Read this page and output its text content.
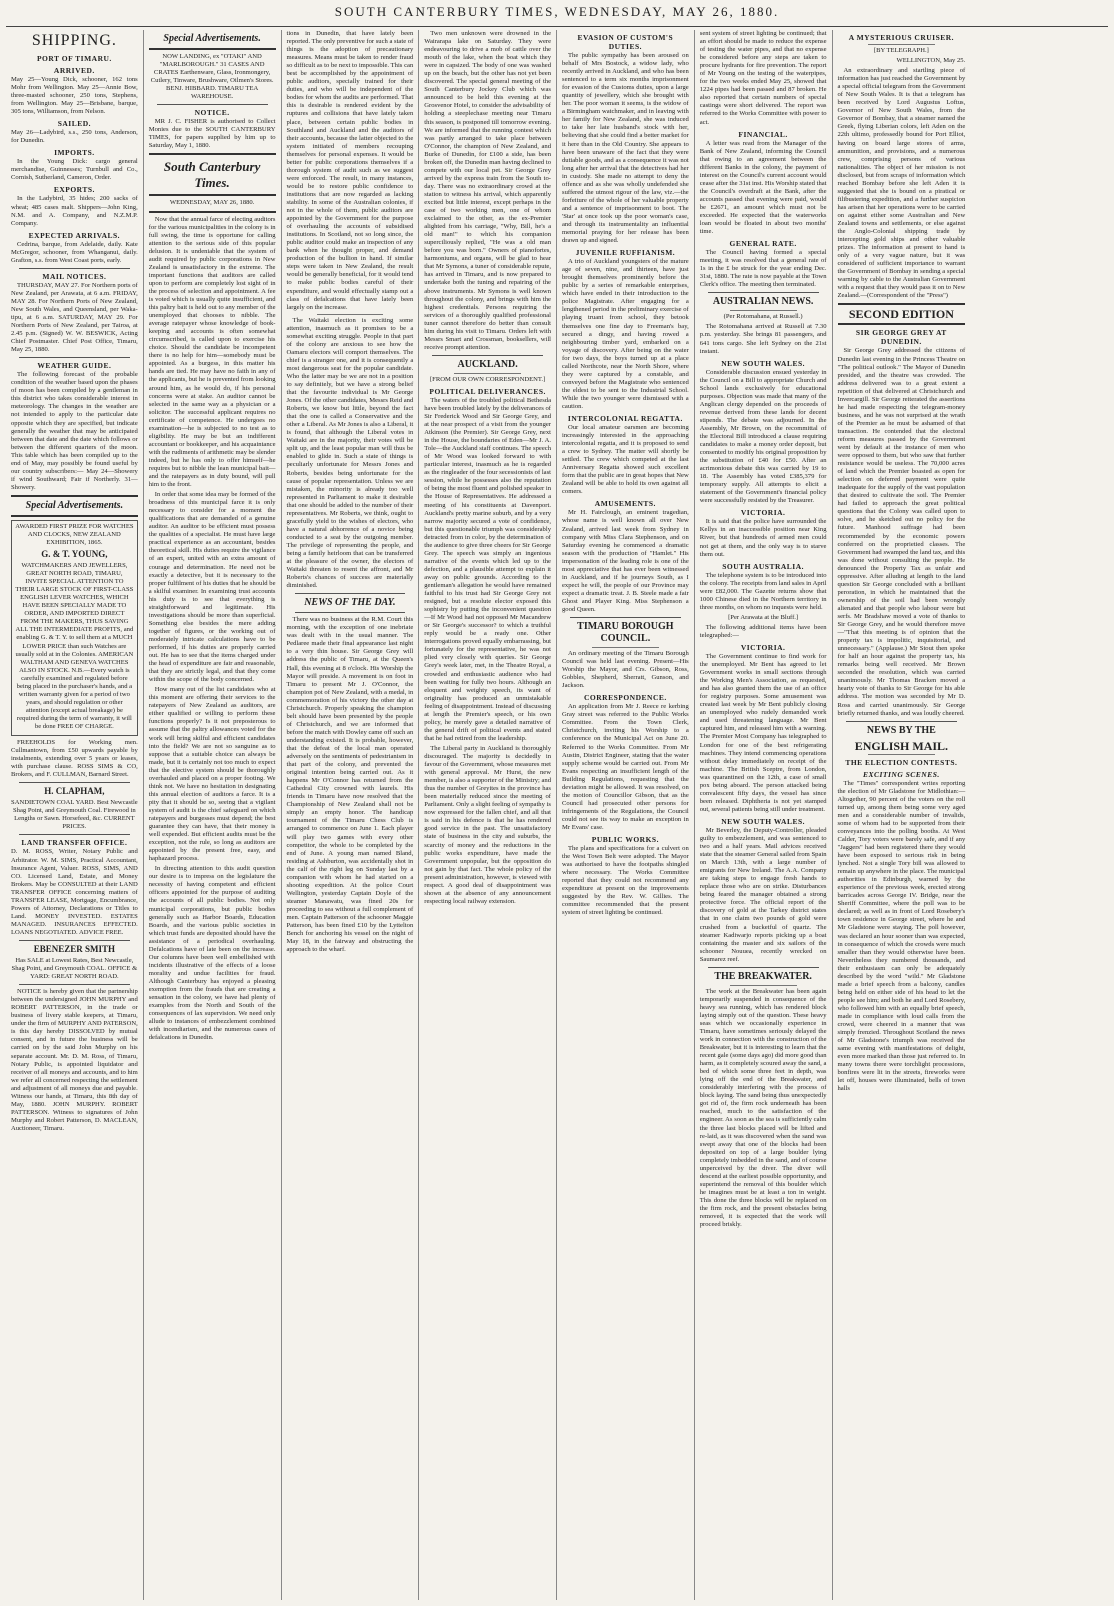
SOUTH CANTERBURY TIMES, WEDNESDAY, MAY 26, 1880.
SHIPPING.
PORT OF TIMARU.
ARRIVED.

May 25—Young Dick, schooner, 162 tons Mohr from Wellington. May 25—Annie Bow, three-masted schooner, 250 tons, Stephens, from Wellington. May 25—Brisbane, barque, 305 tons, Williamson, from Nelson.

SAILED.

May 26—Ladybird, s.s., 250 tons, Anderson, for Dunedin.

IMPORTS.

In the Young Dick: cargo general merchandise, Guinnesses; Turnbull and Co., Cornish, Sutherland, Cameron, Order.

EXPORTS.

In the Ladybird, 35 hides; 200 sacks of wheat; 485 cases malt. Shippers—John King, N.M. and A. Company, and N.Z.M.P. Company.

EXPECTED ARRIVALS.

Cedrina, barque, from Adelaide, daily. Kate McGregor, schooner, from Whanganui, daily. Grafton, s.s. from West Coast ports, early.

MAIL NOTICES.

THURSDAY, MAY 27. For Northern ports of New Zealand, per Arawata, at 6 a.m. FRIDAY, MAY 28. For Northern Ports of New Zealand, New South Wales, and Queensland, per Waka-tipu, at 6 a.m. SATURDAY, MAY 29. For Northern Ports of New Zealand, per Tairoa, at 2.45 p.m. (Signed) W. W. BESWICK, Acting Chief Postmaster. Chief Post Office, Timaru, May 25, 1880.

WEATHER GUIDE.

The following forecast of the probable condition of the weather based upon the phases of moon has been compiled by a gentleman in this district who takes considerable interest in meteorology. The changes in the weather are not intended to apply to the particular date opposite which they are specified, but indicate generally the weather that may be anticipated between that date and the date which follows or between the different quarters of the moon. This table which has been compiled up to the end of May, may possibly be found useful by our country subscribers:— May 24—Showery if wind Southward; Fair if Northerly. 31—Showery.

Special Advertisements.

AWARDED FIRST PRIZE FOR WATCHES AND CLOCKS, NEW ZEALAND EXHIBITION, 1865.

G. & T. YOUNG,

WATCHMAKERS AND JEWELLERS, GREAT NORTH ROAD, TIMARU, INVITE SPECIAL ATTENTION TO THEIR LARGE STOCK OF FIRST-CLASS ENGLISH LEVER WATCHES, WHICH HAVE BEEN SPECIALLY MADE TO ORDER, AND IMPORTED DIRECT FROM THE MAKERS, THUS SAVING ALL THE INTERMEDIATE PROFITS, and enabling G. & T. Y. to sell them at a MUCH LOWER PRICE than such Watches are usually sold at in the Colonies. AMERICAN WALTHAM AND GENEVA WATCHES ALSO IN STOCK. N.B.—Every watch is carefully examined and regulated before being placed in the purchaser's hands, and a written warranty given for a period of two years, and should regulation or other attention (except actual breakage) be required during the term of warranty, it will be done FREE OF CHARGE.

FREEHOLDS for Working men. Cullmantown, from £50 upwards payable by instalments, extending over 5 years or leases, with purchase clause. ROSS SIMS & CO, Brokers, and F. CULLMAN, Barnard Street.

H. CLAPHAM,

SANDIETOWN COAL YARD. Best Newcastle Shag Point, and Greymouth Coal. Firewood in Lengths or Sawn. Horsefeed, &c. CURRENT PRICES.

LAND TRANSFER OFFICE.

D. M. ROSS, Writer, Notary Public and Arbitrator. W. M. SIMS, Practical Accountant, Insurance Agent, Valuer. ROSS, SIMS, AND CO. Licensed Land, Estate, and Money Brokers. May be CONSULTED at their LAND TRANSFER OFFICE concerning matters of TRANSFER LEASE, Mortgage, Encumbrance, Powers of Attorney, Declarations or Titles to Land. MONEY INVESTED. ESTATES MANAGED. INSURANCES EFFECTED. LOANS NEGOTIATED. ADVICE FREE.

EBENEZER SMITH

Has SALE at Lowest Rates, Best Newcastle, Shag Point, and Greymouth COAL. OFFICE & YARD: GREAT NORTH ROAD.

NOTICE is hereby given that the partnership between the undersigned JOHN MURPHY and ROBERT PATTERSON, in the trade or business of livery stable keepers, at Timaru, under the firm of MURPHY AND PATERSON, is this day hereby DISSOLVED by mutual consent, and in future the business will be carried on by the said John Murphy on his separate account. Mr. D. M. Ross, of Timaru, Notary Public, is appointed liquidator and receiver of all moneys and accounts, and to him we refer all concerned respecting the settlement and adjustment of all moneys due and payable. Witness our hands, at Timaru, this 8th day of May, 1880. JOHN MURPHY. ROBERT PATTERSON. Witness to signatures of John Murphy and Robert Patterson, D. MACLEAN, Auctioneer, Timaru.

Special Advertisements.

NOW LANDING, ex "OTAKI" AND "MARLBOROUGH." 31 CASES AND CRATES Earthenware, Glass, Ironmongery, Cutlery, Tinware, Brushware, Oilmen's Stores. BENJ. HIBBARD. TIMARU TEA WAREHOUSE.

NOTICE.

MR J. C. FISHER is authorised to Collect Monies due to the SOUTH CANTERBURY TIMES, for papers supplied by him up to Saturday, May 1, 1880.

South Canterbury Times.

WEDNESDAY, MAY 26, 1880.

Now that the annual farce of electing auditors for the various municipalities in the colony is in full swing, the time is opportune for calling attention to the serious side of this popular delusion. It is undeniable that the system of audit required by public corporations in New Zealand is unsatisfactory in the extreme. The important functions that auditors are called upon to perform are completely lost sight of in the process of selection and appointment. A fee is voted which is usually quite insufficient, and this paltry bait is held out to any member of the unemployed that chooses to nibble. The average ratepayer whose knowledge of book-keeping and accounts is often somewhat circumscribed, is called upon to exercise his choice. Should the candidate be incompetent there is no help for him—somebody must be appointed. As a burgess, in this matter his hands are tied. He may have no faith in any of the applicants, but he is prevented from looking around him, as he would do, if his personal concerns were at stake. An auditor cannot be selected in the same way as a physician or a solicitor. The successful applicant requires no certificate of competence. He undergoes no examination—he is subjected to no test as to eligibility. He may be but an indifferent accountant or bookkeeper, and his acquaintance with the rudiments of arithmetic may be slender indeed, but he has only to offer himself—he requires but to nibble the lean municipal bait—and the ratepayers as in duty bound, will pull him to the front.

In order that some idea may be formed of the broadness of this municipal farce it is only necessary to consider for a moment the qualifications that are demanded of a genuine auditor. An auditor to be efficient must possess the qualities of a specialist. He must have large practical experience as an accountant, besides theoretical skill. His duties require the vigilance of an expert, united with an extra amount of courage and determination. He need not be exactly a detective, but it is necessary to the proper fulfilment of his duties that he should be a skilful examiner. In examining trust accounts his duty is to see that everything is straightforward and legitimate. His investigations should be more than superficial. Something else besides the mere adding together of figures, or the working out of moderately intricate calculations have to be performed, if his duties are properly carried out. He has to see that the items charged under the head of expenditure are fair and reasonable, that they are strictly legal, and that they come within the scope of the body concerned.

How many out of the list candidates who at this moment are offering their services to the ratepayers of New Zealand as auditors, are either qualified or willing to perform these functions properly? Is it not preposterous to assume that the paltry allowances voted for the work will bring skilful and efficient candidates into the field? We are not so sanguine as to suppose that a suitable choice can always be made, but it is certainly not too much to expect that the elective system should be thoroughly overhauled and placed on a proper footing. We think not. We have no hesitation in designating this annual election of auditors a farce. It is a pity that it should be so, seeing that a vigilant system of audit is the chief safeguard on which ratepayers and burgesses must depend; the best guarantee they can have, that their money is well expended. But efficient audits must be the exception, not the rule, so long as auditors are appointed by the present free, easy, and haphazard process.

In directing attention to this audit question our desire is to impress on the legislature the necessity of having competent and efficient officers appointed for the purpose of auditing the accounts of all public bodies. Not only municipal corporations, but public bodies generally such as Harbor Boards, Education Boards, and the various public societies in which trust funds are deposited should have the assistance of a periodical overhauling. Defalcations have of late been on the increase. Our columns have been well embellished with incidents illustrative of the effects of a loose morality and undue facilities for fraud. Although Canterbury has enjoyed a pleasing exemption from the frauds that are creating a sensation in the colony, we have had plenty of examples from the North and South of the consequences of lax supervision. We need only allude to instances of embezzlement combined with incendiarism, and the numerous cases of defalcations in Dunedin.

tions in Dunedin, that have lately been reported. The only preventive for such a state of things is the adoption of precautionary measures. Means must be taken to render fraud so difficult as to be next to impossible. This can best be accomplished by the appointment of public auditors, specially trained for their duties, and who will be independent of the bodies for whom the audits are performed. That this is desirable is rendered evident by the ruptures and collisions that have lately taken place, between certain public bodies in Southland and Auckland and the auditors of their accounts, because the latter objected to the system initiated of members recouping themselves for personal expenses. It would be better for public corporations themselves if a thorough system of audit such as we suggest were enforced. The result, in many instances, would be to restore public confidence to institutions that are now regarded as lacking stability. In some of the Australian colonies, if not in the whole of them, public auditors are appointed by the Government for the purpose of overhauling the accounts of subsidised institutions. In Scotland, not so long since, the public auditor could make an inspection of any bank when he thought proper, and demand production of the bullion in hand. If similar steps were taken in New Zealand, the result would be generally beneficial, for it would tend to make public bodies careful of their expenditure, and would effectually stamp out a class of defalcations that have lately been largely on the increase.

The Waitaki election is exciting some attention, inasmuch as it promises to be a somewhat exciting struggle. People in that part of the colony are anxious to see how the Oamaru electors will comport themselves. The chief is a stranger one, and it is consequently a most dangerous seat for the popular candidate. Who the latter may be we are not in a position to say definitely, but we have a strong belief that the favourite individual is Mr George Jones. Of the other candidates, Messrs Reid and Roberts, we know but little, beyond the fact that the one is called a Conservative and the other a Liberal. As Mr Jones is also a Liberal, it is found, that although the Liberal votes in Waitaki are in the majority, their votes will be split up, and the least popular man will thus be enabled to glide in. Such a state of things is peculiarly unfortunate for Messrs Jones and Roberts, besides being unfortunate for the cause of popular representation. Unless we are mistaken, the minority is already too well represented in Parliament to make it desirable that one should be added to the number of their representatives. Mr Roberts, we think, ought to gracefully yield to the wishes of electors, who have a natural abhorrence of a novice being conducted to a seat by the outgoing member. The privilege of representing the people, and being a family heirloom that can be transferred at the pleasure of the owner, the electors of Waitaki threaten to resent the affront, and Mr Roberts's chances of success are materially diminished.

NEWS OF THE DAY.

There was no business at the R.M. Court this morning, with the exception of one inebriate was dealt with in the usual manner. The Pedlaree made their final appearance last night to a very thin house. Sir George Grey will address the public of Timaru, at the Queen's Hall, this evening at 8 o'clock. His Worship the Mayor will preside. A movement is on foot in Timaru to present Mr J. O'Connor, the champion pot of New Zealand, with a medal, in commemoration of his victory the other day at Christchurch. Properly speaking the champion belt should have been presented by the people of Christchurch, and we are informed that before the match with Dowley came off such an understanding existed. It is probable, however, that the defeat of the local man operated adversely on the sentiments of pedestrianism in that part of the colony, and prevented the original intention being carried out. As it happens Mr O'Connor has returned from the Cathedral City crowned with laurels. His friends in Timaru have now resolved that the Championship of New Zealand shall not be simply an empty honor. The handicap tournament of the Timaru Chess Club is arranged to commence on June 1. Each player will play two games with every other competitor, the whole to be completed by the end of June. A young man named Bland, residing at Ashburton, was accidentally shot in the calf of the right leg on Sunday last by a companion with whom he had started on a shooting expedition. At the police Court Wellington, yesterday Captain Doyle of the steamer Manawatu, was fined 20s for proceeding to sea without a full complement of men. Captain Patterson of the schooner Maggie Patterson, has been fined £10 by the Lyttelton Bench for anchoring his vessel on the night of May 18, in the fairway and obstructing the approach to the wharf.

Two men unknown were drowned in the Wairarapa lake on Saturday. They were endeavouring to drive a mob of cattle over the mouth of the lake, when the boat which they were in capsized. The body of one was washed up on the beach, but the other has not yet been discovered. The special general meeting of the South Canterbury Jockey Club which was announced to be held this evening at the Grosvenor Hotel, to consider the advisability of holding a steeplechase meeting near Timaru this season, is postponed till tomorrow evening. We are informed that the running contest which was partly arranged to take place between O'Connor, the champion of New Zealand, and Burke of Dunedin, for £100 a side, has been broken off, the Dunedin man having declined to compete with our local pet. Sir George Grey arrived by the express train from the South to-day. There was no extraordinary crowd at the station to witness his arrival, which apparently excited but little interest, except perhaps in the case of two working men, one of whom exclaimed to the other, as the ex-Premier alighted from his carriage, "Why, Bill, he's a old man!" to which his companion superciliously replied, "He was a old man before you was born." Owners of pianofortes, harmoniums, and organs, will be glad to hear that Mr Symons, a tuner of considerable repute, has arrived in Timaru, and is now prepared to undertake both the tuning and repairing of the above instruments. Mr Symons is well known throughout the colony, and brings with him the highest credentials. Persons requiring the services of a thoroughly qualified professional tuner cannot therefore do better than consult him during his visit to Timaru. Orders left with Messrs Smart and Crossman, booksellers, will receive prompt attention.

AUCKLAND.

[FROM OUR OWN CORRESPONDENT.]

POLITICAL DELIVERANCES.

The waters of the troubled political Bethesda have been troubled lately by the deliverances of Sir Frederick Wood and Sir George Grey, and at the near prospect of a visit from the younger Atkinson (the Premier). Sir George Grey, next in the House, the boundaries of Eden—Mr J. A. Tole—the Auckland staff continues. The speech of Mr Wood was looked forward to with particular interest, inasmuch as he is regarded as the ringleader of the four secessionists of last session, while he possesses also the reputation of being the most fluent and polished speaker in the House of Representatives. He addressed a meeting of his constituents at Davenport. Auckland's pretty marine suburb, and by a very narrow majority secured a vote of confidence, but this questionable triumph was considerably detracted from in color, by the determination of the audience to give three cheers for Sir George Grey. The speech was simply an ingenious narrative of the events which led up to the defection, and a plausible attempt to explain it away on public grounds. According to the gentleman's allegation he would have remained faithful to his trust had Sir George Grey not resigned, but a resolute elector exposed this sophistry by putting the inconvenient question—If Mr Wood had not opposed Mr Macandrew or Sir George's successor? to which a truthful reply would be a ready one. Other interrogations proved equally embarrassing, but fortunately for the representative, he was not plied very closely with queries. Sir George Grey's week later, met, in the Theatre Royal, a crowded and enthusiastic audience who had been waiting for fully two hours. Although an eloquent and weighty speech, its want of originality has produced an unmistakable feeling of disappointment. Instead of discussing at length the Premier's speech, or his own policy, he merely gave a detailed narrative of the general drift of political events and stated that he had retired from the leadership.

The Liberal party in Auckland is thoroughly discouraged. The majority is decidedly in favour of the Government, whose measures met with general approval. Mr Hurst, the new member, is also a supporter of the Ministry; and thus the number of Greyites in the province has been materially reduced since the meeting of Parliament. Only a slight feeling of sympathy is now expressed for the fallen chief, and all that is said in his defence is that he has rendered good service in the past. The unsatisfactory state of business in the city and suburbs, the scarcity of money and the reductions in the public works expenditure, have made the Government unpopular, but the opposition do not gain by that fact. The whole policy of the present administration, however, is viewed with respect. A good deal of disappointment was shown at the absence of any announcement respecting local railway extension.

EVASION OF CUSTOM'S DUTIES.

The public sympathy has been aroused on behalf of Mrs Bostock, a widow lady, who recently arrived in Auckland, and who has been sentenced to a term six months imprisonment for evasion of the Customs duties, upon a large quantity of jewellery, which she brought with her. The poor woman it seems, is the widow of a Birmingham watchmaker, and in leaving with her family for New Zealand, she was induced to take her late husband's stock with her, believing that she could find a better market for it here than in the Old Country. She appears to have been unaware of the fact that they were dutiable goods, and as a consequence it was not long after her arrival that the detectives had her in custody. She made no attempt to deny the offence and as she was wholly undefended she suffered the utmost rigour of the law, viz.—the forfeiture of the whole of her valuable property and a sentence of imprisonment to boot. The 'Star' at once took up the poor woman's case, and through its instrumentality an influential memorial praying for her release has been drawn up and signed.

JUVENILE RUFFIANISM.

A trio of Auckland youngsters of the mature age of seven, nine, and thirteen, have just brought themselves prominently before the public by a series of remarkable enterprises, which have ended in their introduction to the police Magistrate. After engaging for a lengthened period in the preliminary exercise of playing truant from school, they betook themselves one fine day to Freeman's bay, secured a dingy, and having rowed a neighbouring timber yard, embarked on a voyage of discovery. After being on the water for two days, the boys turned up at a place called Northcote, near the North Shore, where they were captured by a constable, and conveyed before the Magistrate who sentenced the eldest to be sent to the Industrial School. While the two younger were dismissed with a caution.

INTERCOLONIAL REGATTA.

Our local amateur oarsmen are becoming increasingly interested in the approaching intercolonial regatta, and it is proposed to send a crew to Sydney. The matter will shortly be settled. The crew which competed at the last Anniversary Regatta showed such excellent form that the public are in great hopes that New Zealand will be able to hold its own against all comers.

AMUSEMENTS.

Mr H. Fairclough, an eminent tragedian, whose name is well known all over New Zealand, arrived last week from Sydney in company with Miss Clara Stephenson, and on Saturday evening he commenced a dramatic season with the production of "Hamlet." His impersonation of the leading role is one of the most appreciative that has ever been witnessed in Auckland, and if he journeys South, as I expect he will, the people of our Province may expect a dramatic treat. J. B. Steele made a fair Ghost and Player King. Miss Stephenson a good Queen.

TIMARU BOROUGH COUNCIL.

An ordinary meeting of the Timaru Borough Council was held last evening. Present—His Worship the Mayor, and Crs. Gibson, Ross, Gobbles, Shepherd, Sherratt, Gunson, and Jackson.

CORRESPONDENCE.

An application from Mr J. Reece re kerbing Gray street was referred to the Public Works Committee. From the Town Clerk, Christchurch, inviting his Worship to a conference on the Municipal Act on June 20. Referred to the Works Committee. From Mr Austin, District Engineer, stating that the water supply scheme would be carried out. From Mr Evans respecting an insufficient length of the Building Regulations, requesting that the deviation might be allowed. It was resolved, on the motion of Councillor Gibson, that as the Council had prosecuted other persons for infringements of the Regulations, the Council could not see its way to make an exception in Mr Evans' case.

PUBLIC WORKS.

The plans and specifications for a culvert on the West Town Belt were adopted. The Mayor was authorised to have the footpaths shingled where necessary. The Works Committee reported that they could not recommend any expenditure at present on the improvements suggested by the Rev. W. Gillies. The committee recommended that the present system of street lighting be continued.

sent system of street lighting be continued; that an effort should be made to reduce the expense of testing the water pipes, and that no expense be considered before any steps are taken to procure hydrants for fire prevention. The report of Mr Young on the testing of the waterpipes, for the two weeks ended May 25, showed that 1224 pipes had been passed and 87 broken. He also reported that certain numbers of special castings were short delivered. The report was referred to the Works Committee with power to act.

FINANCIAL.

A letter was read from the Manager of the Bank of New Zealand, informing the Council that owing to an agreement between the different Banks in the colony, the payment of interest on the Council's current account would cease after the 31st inst. His Worship stated that the Council's overdraft at the Bank, after the accounts passed that evening were paid, would be £2671, an amount which must not be exceeded. He expected that the waterworks loan would be floated in about two months' time.

GENERAL RATE.

The Council having formed a special meeting, it was resolved that a general rate of 1s in the £ be struck for the year ending Dec. 31st, 1880. The rate is now payable at the Town Clerk's office. The meeting then terminated.

AUSTRALIAN NEWS.

(Per Rotomahana, at Russell.)

The Rotomahana arrived at Russell at 7.30 p.m. yesterday. She brings 81 passengers, and 641 tons cargo. She left Sydney on the 21st instant.

NEW SOUTH WALES.

Considerable discussion ensued yesterday in the Council on a Bill to appropriate Church and School lands exclusively for educational purposes. Objection was made that many of the Anglican clergy depended on the proceeds of revenue derived from these lands for decent stipends. The debate was adjourned. In the Assembly, Mr Brown, on the recommittal of the Electoral Bill introduced a clause requiring candidates to make a money order deposit, but consented to modify his original proposition by the substitution of £40 for £50. After an acrimonious debate this was carried by 19 to 18. The Assembly has voted £385,379 for temporary supply. All attempts to elicit a statement of the Government's financial policy were successfully resisted by the Treasurer.

VICTORIA.

It is said that the police have surrounded the Kellys in an inaccessible position near King River, but that hundreds of armed men could not get at them, and the only way is to starve them out.

SOUTH AUSTRALIA.

The telephone system is to be introduced into the colony. The receipts from land sales in April were £82,000. The Gazette returns show that 1000 Chinese died in the Northern territory in three months, on whom no inquests were held.

[Per Arawata at the Bluff.]

The following additional items have been telegraphed:—

VICTORIA.

The Government continue to find work for the unemployed. Mr Bent has agreed to let Government works in small sections through the Working Men's Association, as requested, and has also granted them the use of an office for registry purposes. Some amusement was created last week by Mr Bent publicly closing an unemployed who rudely demanded work and used threatening language. Mr Bent captured him, and released him with a warning. The Premier Most Company has telegraphed to London for one of the best refrigerating machines. They intend commencing operations without delay immediately on receipt of the machine. The British Sceptre, from London, was quarantined on the 12th, a case of small pox being aboard. The person attacked being convalescent fifty days, the vessel has since been released. Diphtheria is not yet stamped out, several patients being still under treatment.

NEW SOUTH WALES.

Mr Beverley, the Deputy-Controller, pleaded guilty to embezzlement, and was sentenced to two and a half years. Mail advices received state that the steamer General sailed from Spain on March 13th, with a large number of emigrants for New Ireland. The A.A. Company are taking steps to engage fresh hands to replace those who are on strike. Disturbances being feared the manager obtained a strong protective force. The official report of the discovery of gold at the Tarkey district states that in one claim two pounds of gold were crushed from a bucketful of quartz. The steamer Kadiwarjo reports picking up a boat containing the master and six sailors of the schooner Nouuea, recently wrecked on Saumarez reef.

THE BREAKWATER.

The work at the Breakwater has been again temporarily suspended in consequence of the heavy sea running, which has rendered block laying simply out of the question. These heavy seas which we occasionally experience in Timaru, have sometimes seriously delayed the work in connection with the construction of the Breakwater, but it is interesting to learn that the recent gale (some days ago) did more good than harm, as it completely scoured away the sand, a bed of which some three feet in depth, was lying off the end of the Breakwater, and considerably interfering with the process of block laying. The sand being thus unexpectedly got rid of, the firm rock underneath has been reached, much to the satisfaction of the engineer. As soon as the sea is sufficiently calm the three last blocks placed will be lifted and re-laid, as it was discovered when the sand was swept away that one of the blocks had been deposited on top of a large boulder lying completely imbedded in the sand, and of course unperceived by the diver. The diver will descend at the earliest possible opportunity, and superintend the removal of this boulder which he imagines must be at least a ton in weight. This done the three blocks will be replaced on the firm rock, and the present obstacles being removed, it is expected that the work will proceed briskly.

A MYSTERIOUS CRUISER.

[BY TELEGRAPH.]

WELLINGTON, May 25.

An extraordinary and startling piece of information has just reached the Government by a special official telegram from the Government of New South Wales. It is that a telegram has been received by Lord Augustus Loftus, Governor of New South Wales, from the Governor of Bombay, that a steamer named the Greek, flying Liberian colors, left Aden on the 22th ultimo, professedly bound for Port Elliot, having on board large stores of arms, ammunition, and provisions, and a numerous crew, comprising persons of various nationalities. The object of her mission is not disclosed, but from scraps of information which reached Bombay before she left Aden it is suggested that she is bound on a piratical or filibustering expedition, and a further suspicion has arisen that her operations were to be carried on against either some Australian and New Zealand towns and settlements, or else against the Anglo-Colonial shipping trade by intercepting gold ships and other valuable prizes. The information at present to hand is only of a very vague nature, but it was considered of sufficient importance to warrant the Government of Bombay in sending a special warning by cable to the Australian Government with a request that they would pass it on to New Zealand.—(Correspondent of the "Press")

SECOND EDITION
SIR GEORGE GREY AT DUNEDIN.

Sir George Grey addressed the citizens of Dunedin last evening in the Princess Theatre on "The political outlook." The Mayor of Dunedin presided, and the theatre was crowded. The address delivered was to a great extent a repetition of that delivered at Christchurch and Invercargill. Sir George reiterated the assertions he had made respecting the telegram-money business, and he was not surprised at the wrath of the Premier as he must be ashamed of that transaction. He contended that the electoral reform measures passed by the Government went by default at the instance of men who were opposed to them, but who saw that further resistance would be useless. The 70,000 acres of land which the Premier boasted as open for selection on deferred payment were quite inadequate for the supply of the vast population that desired to cultivate the soil. The Premier had failed to approach the great political questions that the Colony was called upon to solve, and he sketched out no policy for the future. Manhood suffrage had been recommended by the economic powers conferred on the proprietied classes. The Government had swamped the land tax, and this was done without consulting the people. He denounced the Property Tax as unfair and oppressive. After alluding at length to the land question Sir George concluded with a brilliant peroration, in which he maintained that the ownership of the soil had been wrongly alienated and that people who labour were but serfs. Mr Bradshaw moved a vote of thanks to Sir George Grey, and he would therefore move—"That this meeting is of opinion that the property tax is impolitic, inquisitorial, and unnecessary." (Applause.) Mr Stout then spoke for half an hour against the property tax, his remarks being well received. Mr Brown seconded the resolution, which was carried unanimously. Mr Thomas Bracken moved a hearty vote of thanks to Sir George for his able address. The motion was seconded by Mr D. Ross and carried unanimously. Sir George briefly returned thanks, and was loudly cheered.

NEWS BY THE
ENGLISH MAIL.
THE ELECTION CONTESTS.
EXCITING SCENES.

The "Times" correspondent writes reporting the election of Mr Gladstone for Midlothian:—Altogether, 90 percent of the voters on the roll turned up, among them being some very aged men and a considerable number of invalids, some of whom had to be supported from their conveyances into the polling booths. At West Calder, Tory voters were barely safe, and if any "Jaggers" had been registered there they would have been exposed to serious risk in being lynched. Not a single Tory bill was allowed to remain up anywhere in the place. The municipal authorities in Edinburgh, warned by the experience of the previous week, erected strong barricades across George IV. Bridge, near the Sheriff Committee, where the poll was to be declared; as well as in front of Lord Rosebery's town residence in George street, where he and Mr Gladstone were staying. The poll however, was declared an hour sooner than was expected, in consequence of which the crowds were much smaller than they would otherwise have been. Nevertheless they numbered thousands, and their enthusiasm can only be adequately described by the word "wild." Mr Gladstone made a brief speech from a balcony, candles being held on either side of his head to let the people see him; and both he and Lord Rosebery, who followed him with an equally brief speech, made in compliance with loud calls from the crowd, were cheered in a manner that was simply frenzied. Throughout Scotland the news of Mr Gladstone's triumph was received the same evening with manifestations of delight, even more marked than those just referred to. In many towns there were torchlight processions, bonfires were lit in the streets, fireworks were let off, houses were illuminated, bells of town halls
